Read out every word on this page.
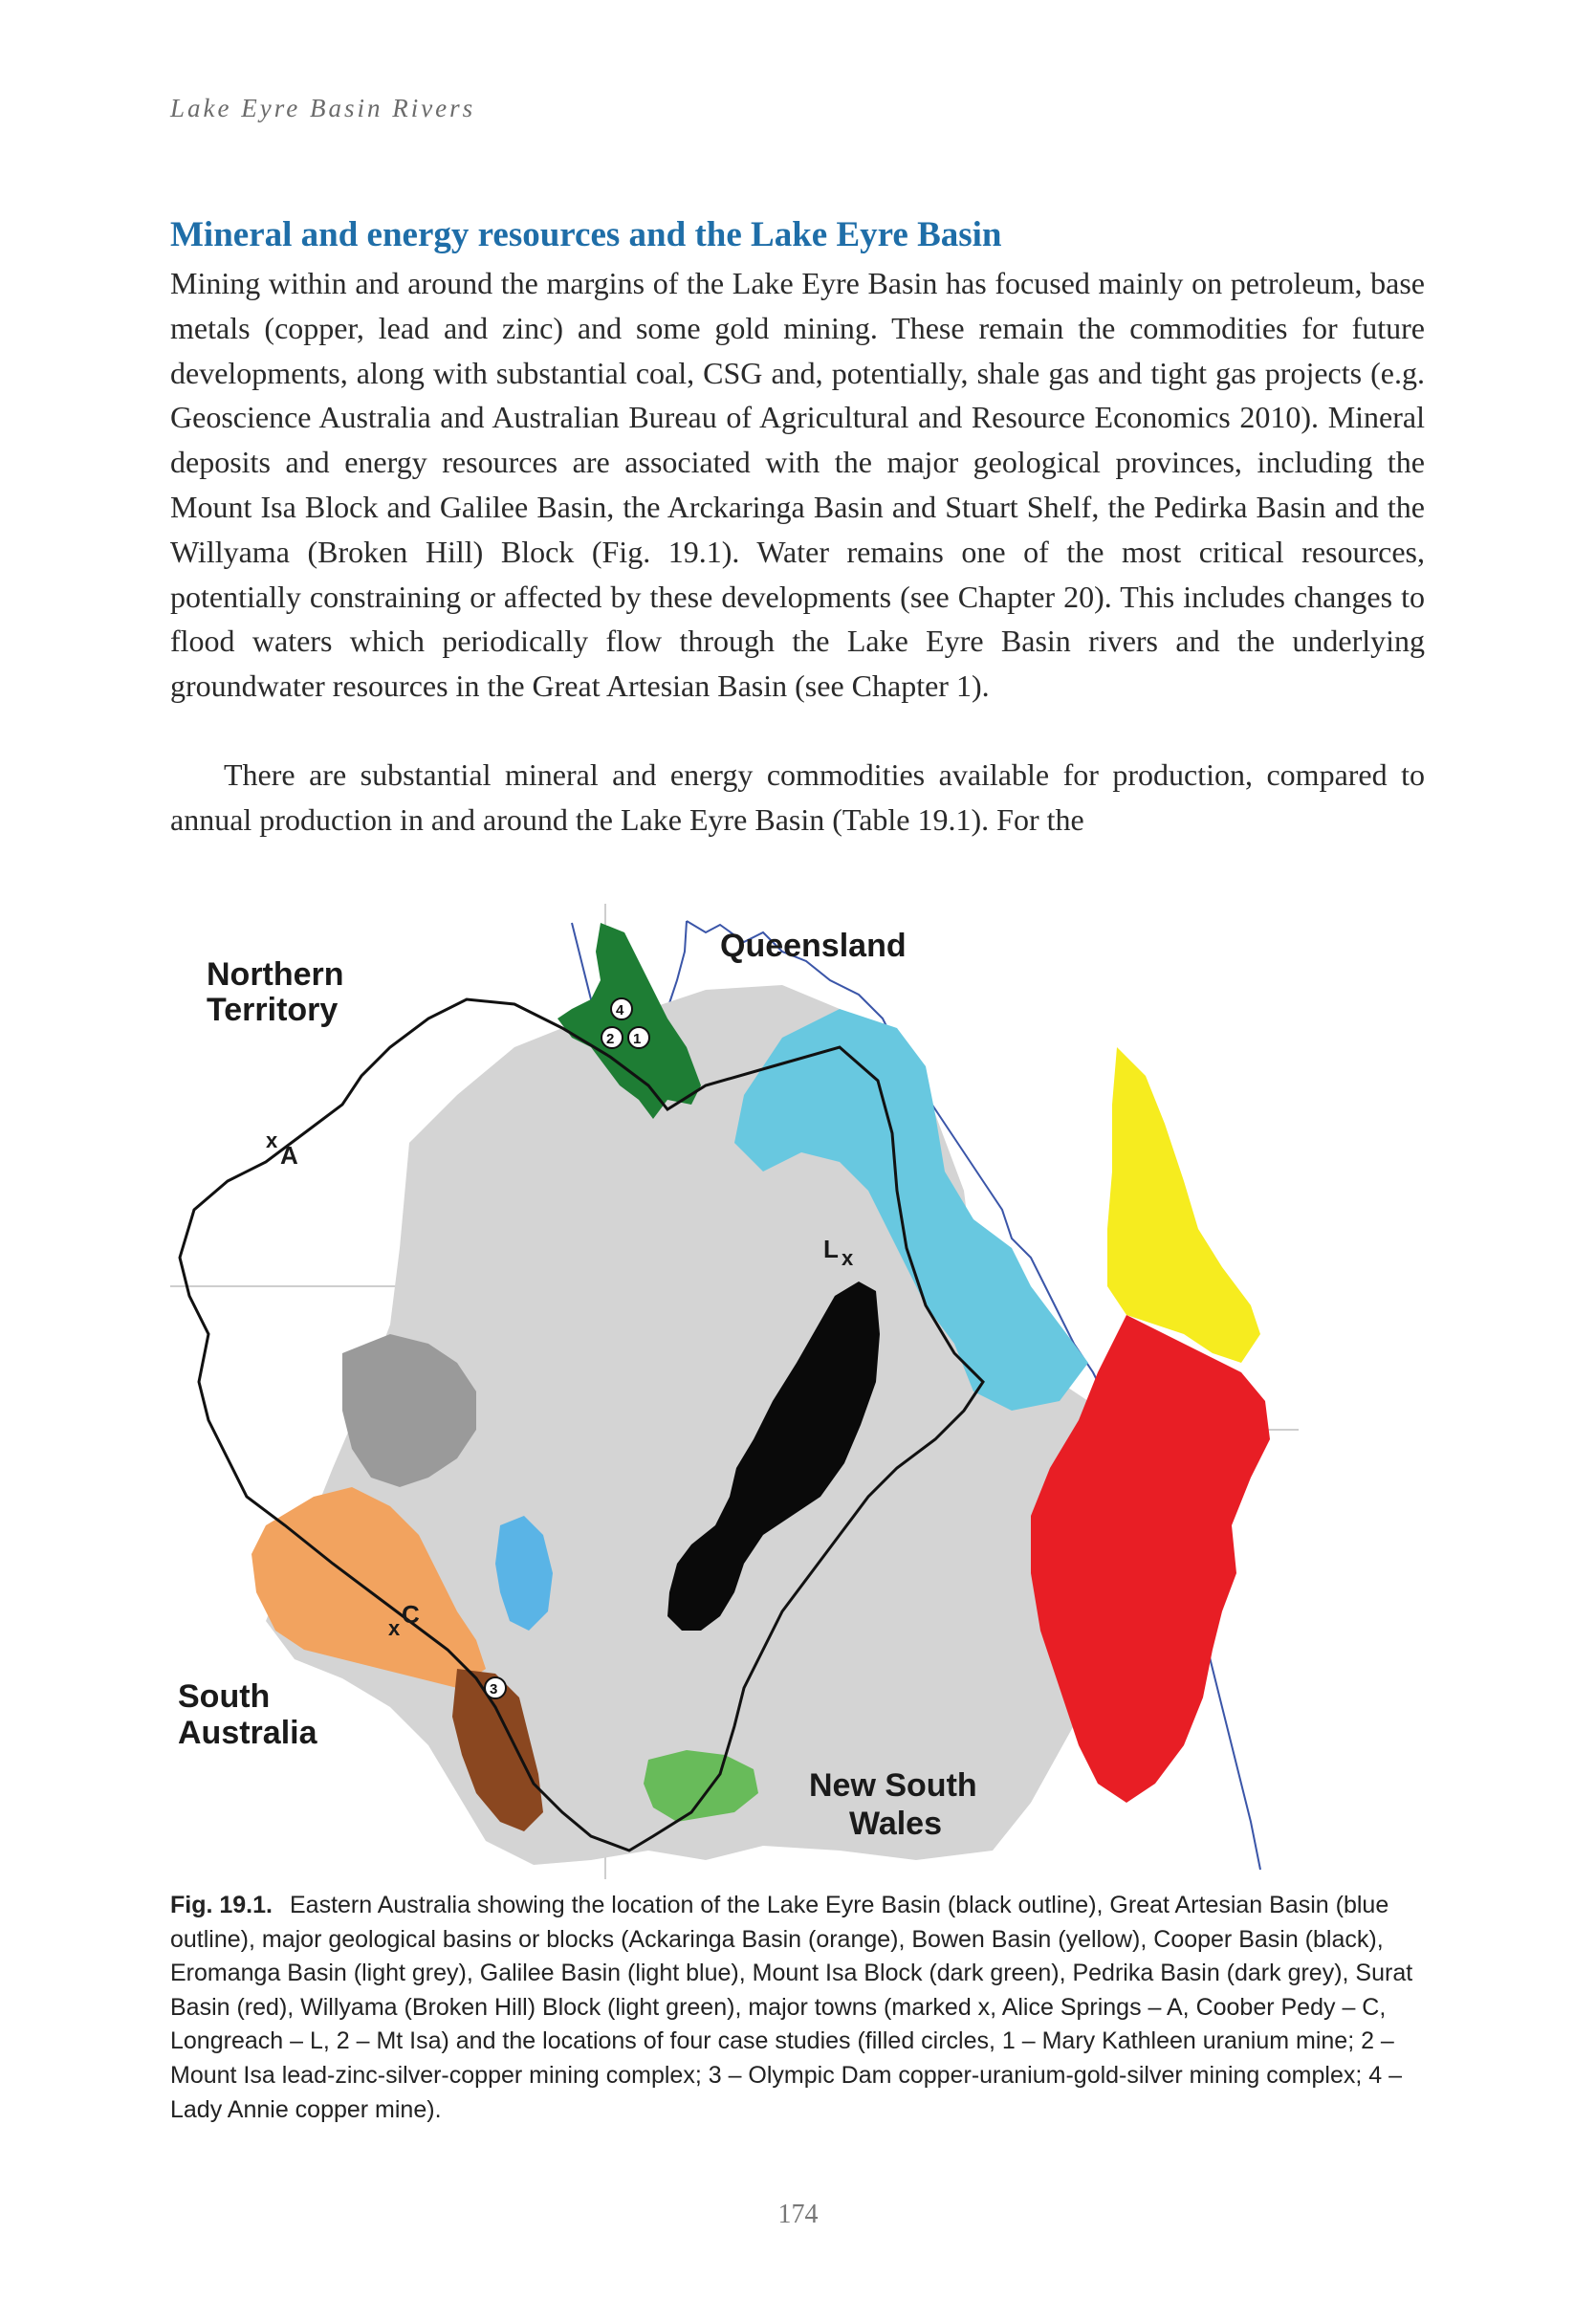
Lake Eyre Basin Rivers
Mineral and energy resources and the Lake Eyre Basin

Mining within and around the margins of the Lake Eyre Basin has focused mainly on petroleum, base metals (copper, lead and zinc) and some gold mining. These remain the commodities for future developments, along with substantial coal, CSG and, potentially, shale gas and tight gas projects (e.g. Geoscience Australia and Australian Bureau of Agricultural and Resource Economics 2010). Mineral deposits and energy resources are associated with the major geological provinces, including the Mount Isa Block and Galilee Basin, the Arckaringa Basin and Stuart Shelf, the Pedirka Basin and the Willyama (Broken Hill) Block (Fig. 19.1). Water remains one of the most critical resources, potentially constraining or affected by these developments (see Chapter 20). This includes changes to flood waters which periodically flow through the Lake Eyre Basin rivers and the underlying groundwater resources in the Great Artesian Basin (see Chapter 1).

There are substantial mineral and energy commodities available for production, compared to annual production in and around the Lake Eyre Basin (Table 19.1). For the

Northern
Territory
Queensland
South
Australia
New South
Wales
x
A
x C
L x
4
2 1
3

Fig. 19.1. Eastern Australia showing the location of the Lake Eyre Basin (black outline), Great Artesian Basin (blue outline), major geological basins or blocks (Ackaringa Basin (orange), Bowen Basin (yellow), Cooper Basin (black), Eromanga Basin (light grey), Galilee Basin (light blue), Mount Isa Block (dark green), Pedrika Basin (dark grey), Surat Basin (red), Willyama (Broken Hill) Block (light green), major towns (marked x, Alice Springs – A, Coober Pedy – C, Longreach – L, 2 – Mt Isa) and the locations of four case studies (filled circles, 1 – Mary Kathleen uranium mine; 2 – Mount Isa lead-zinc-silver-copper mining complex; 3 – Olympic Dam copper-uranium-gold-silver mining complex; 4 – Lady Annie copper mine).

174
